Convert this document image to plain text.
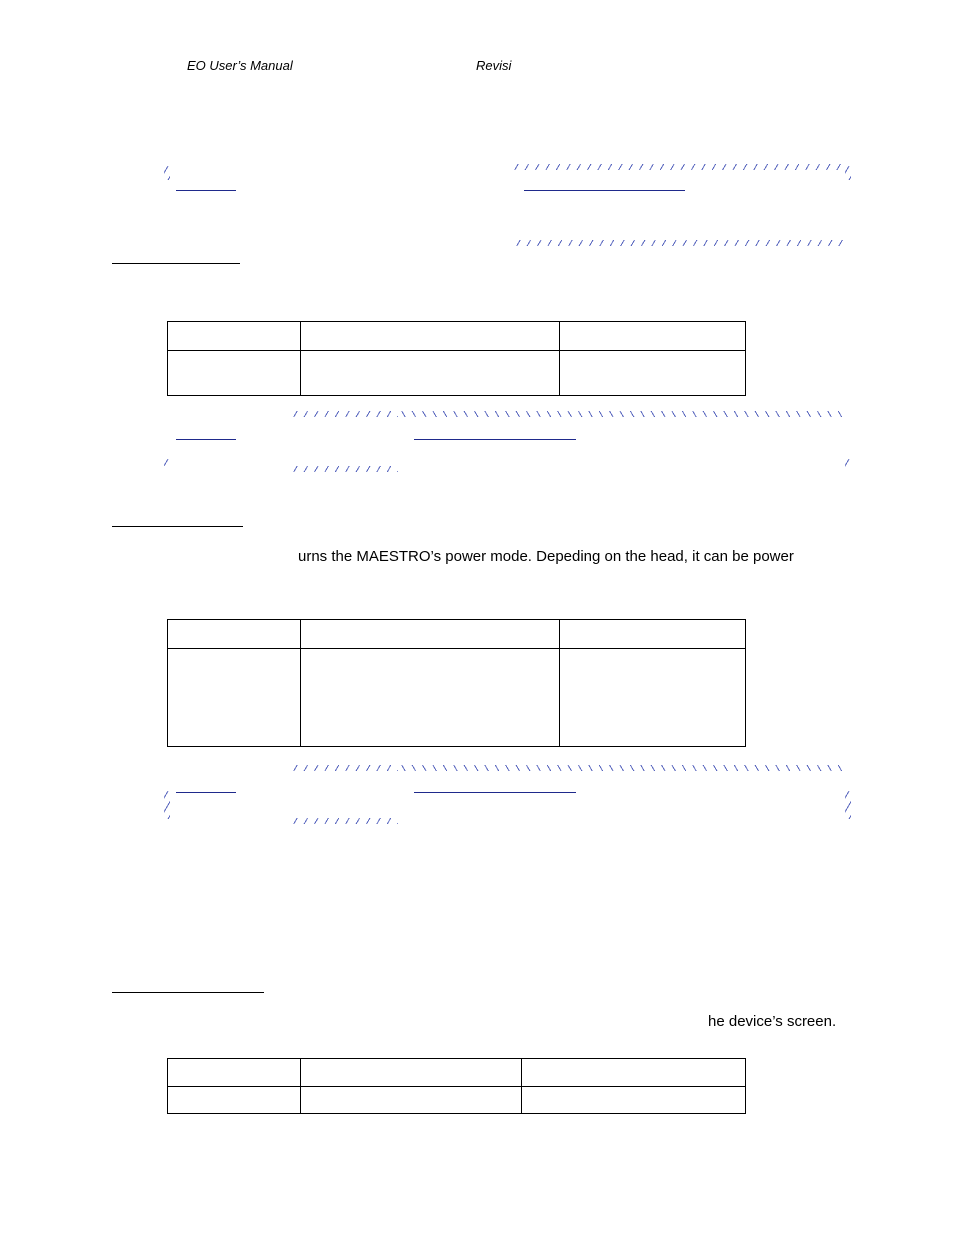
EO User’s Manual	Revisi

urns the MAESTRO’s power mode. Depeding on the head, it can be power

he device’s screen.
